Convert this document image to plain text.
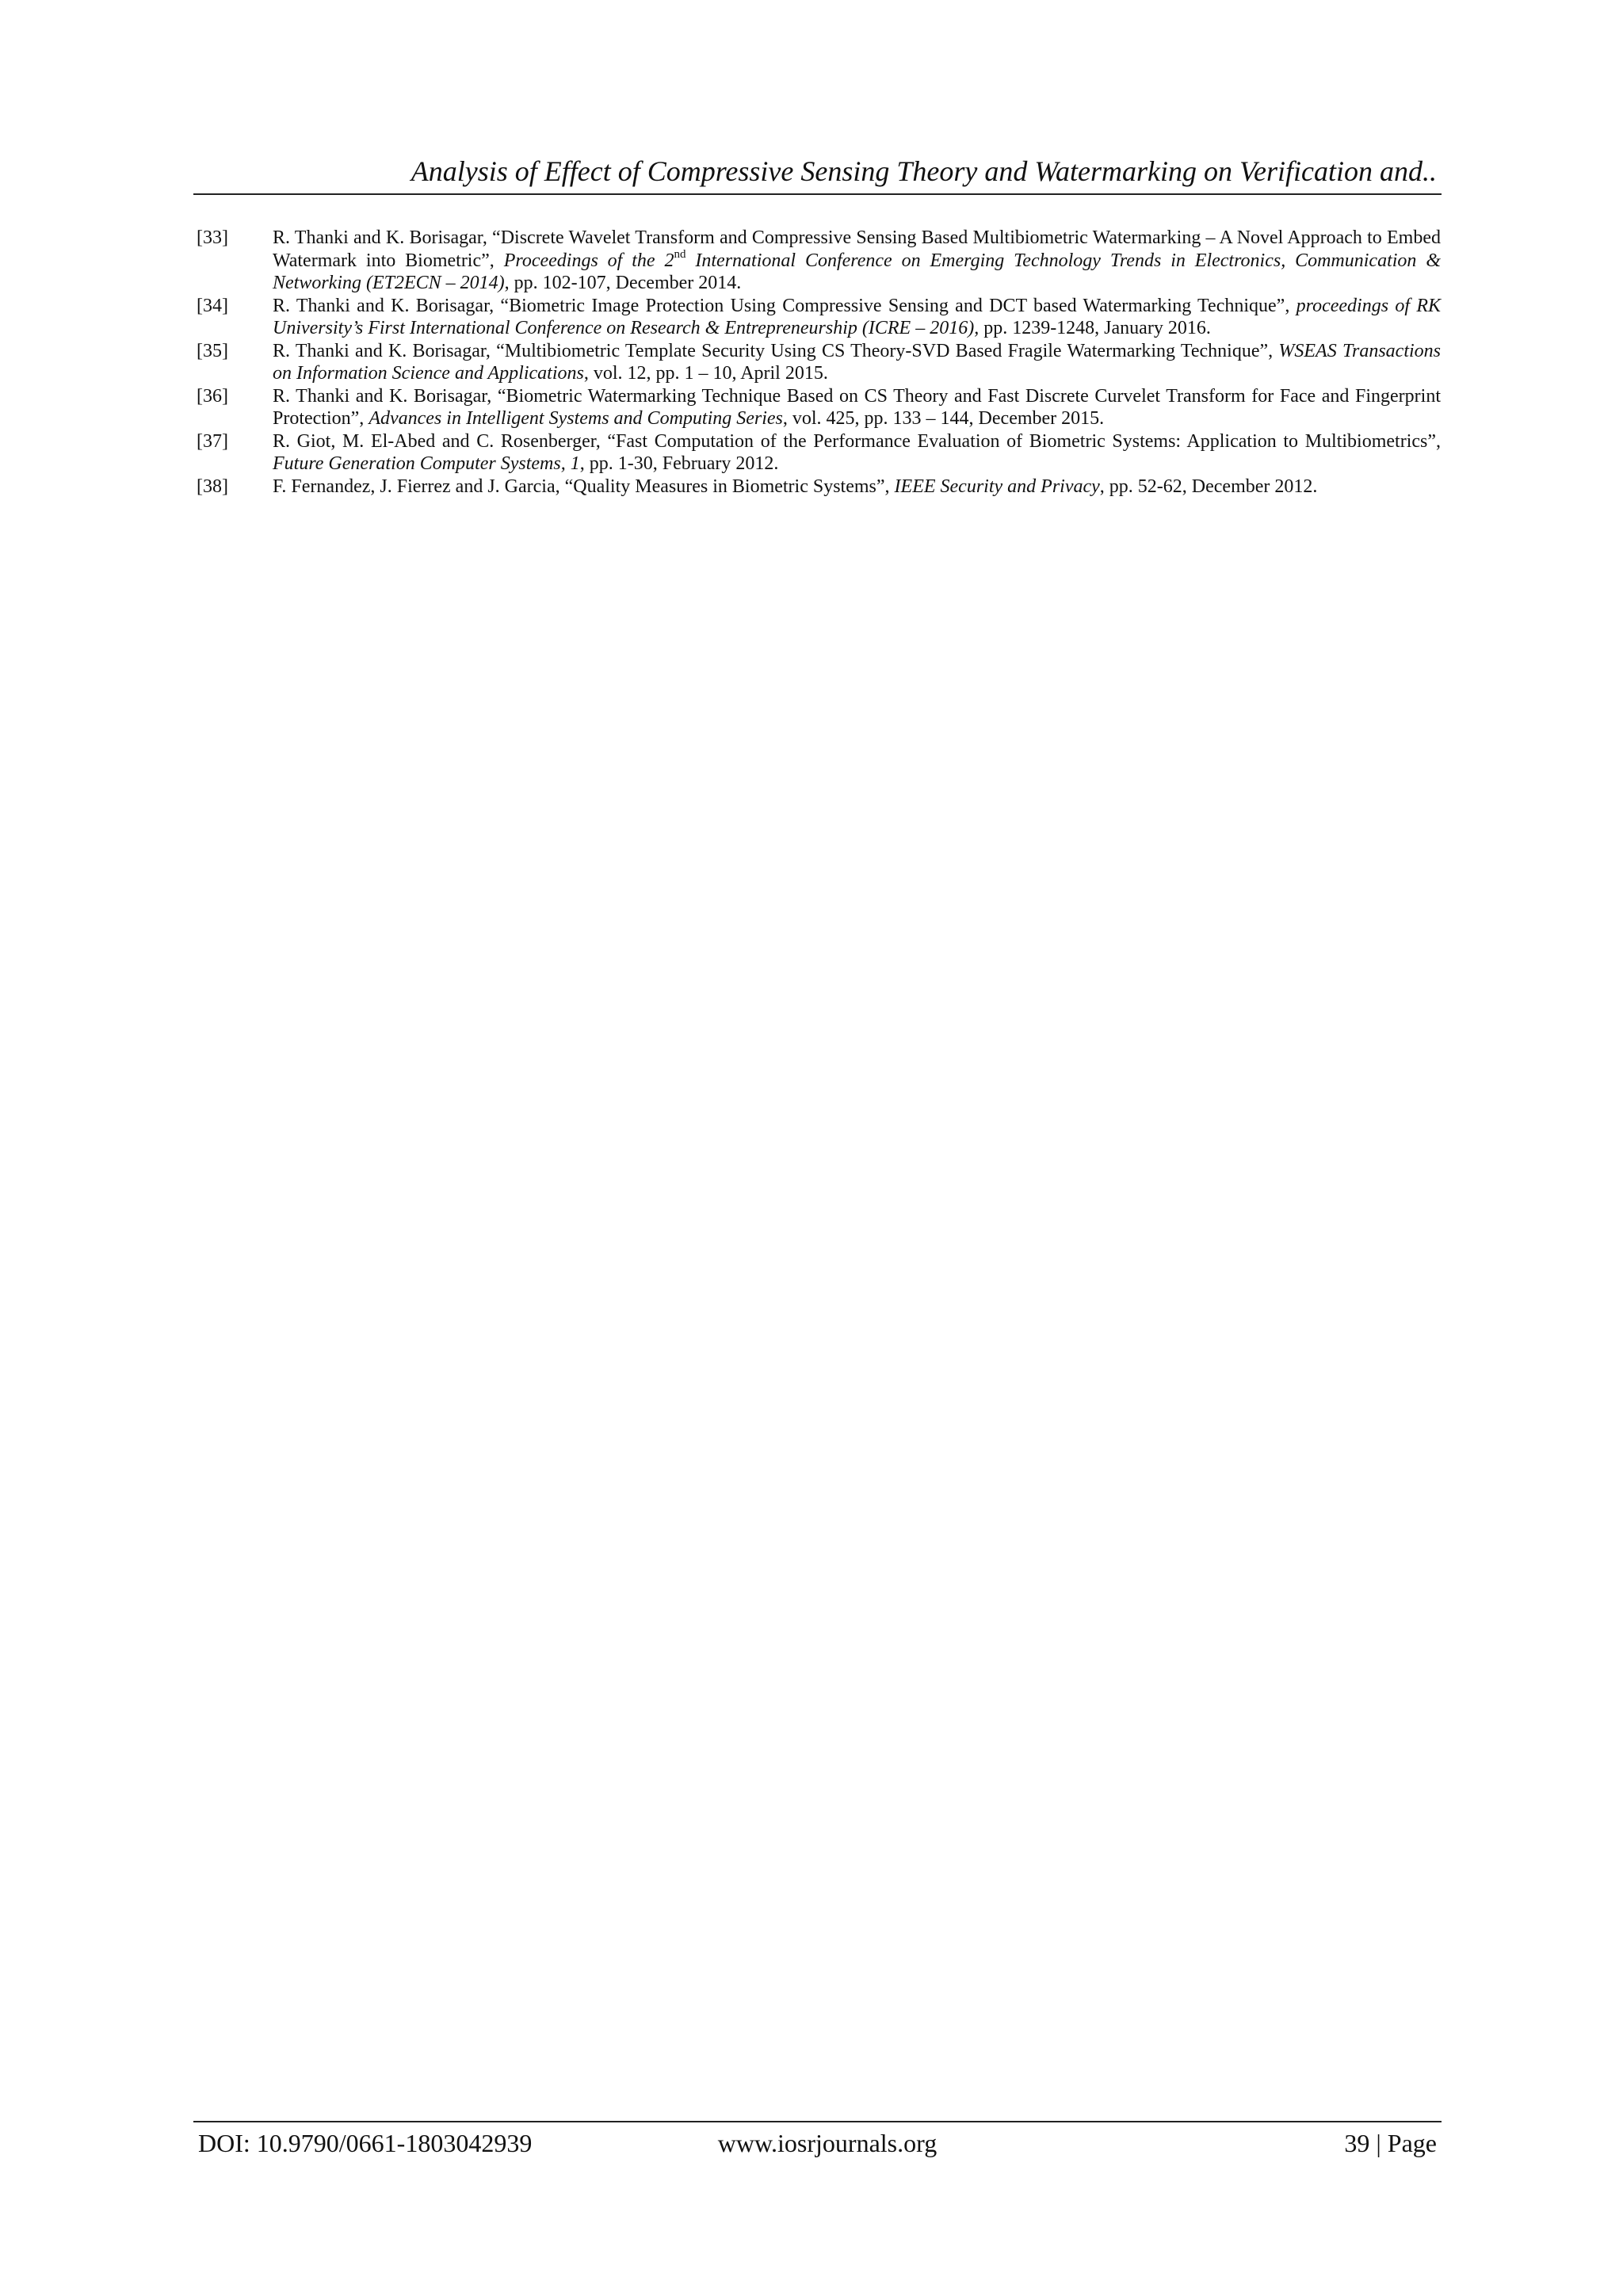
Analysis of Effect of Compressive Sensing Theory and Watermarking on Verification and..
[33]	R. Thanki and K. Borisagar, “Discrete Wavelet Transform and Compressive Sensing Based Multibiometric Watermarking – A Novel Approach to Embed Watermark into Biometric”, Proceedings of the 2nd International Conference on Emerging Technology Trends in Electronics, Communication & Networking (ET2ECN – 2014), pp. 102-107, December 2014.
[34]	R. Thanki and K. Borisagar, “Biometric Image Protection Using Compressive Sensing and DCT based Watermarking Technique”, proceedings of RK University’s First International Conference on Research & Entrepreneurship (ICRE – 2016), pp. 1239-1248, January 2016.
[35]	R. Thanki and K. Borisagar, “Multibiometric Template Security Using CS Theory-SVD Based Fragile Watermarking Technique”, WSEAS Transactions on Information Science and Applications, vol. 12, pp. 1 – 10, April 2015.
[36]	R. Thanki and K. Borisagar, “Biometric Watermarking Technique Based on CS Theory and Fast Discrete Curvelet Transform for Face and Fingerprint Protection”, Advances in Intelligent Systems and Computing Series, vol. 425, pp. 133 – 144, December 2015.
[37]	R. Giot, M. El-Abed and C. Rosenberger, “Fast Computation of the Performance Evaluation of Biometric Systems: Application to Multibiometrics”, Future Generation Computer Systems, 1, pp. 1-30, February 2012.
[38]	F. Fernandez, J. Fierrez and J. Garcia, “Quality Measures in Biometric Systems”, IEEE Security and Privacy, pp. 52-62, December 2012.
DOI: 10.9790/0661-1803042939	www.iosrjournals.org	39 | Page
